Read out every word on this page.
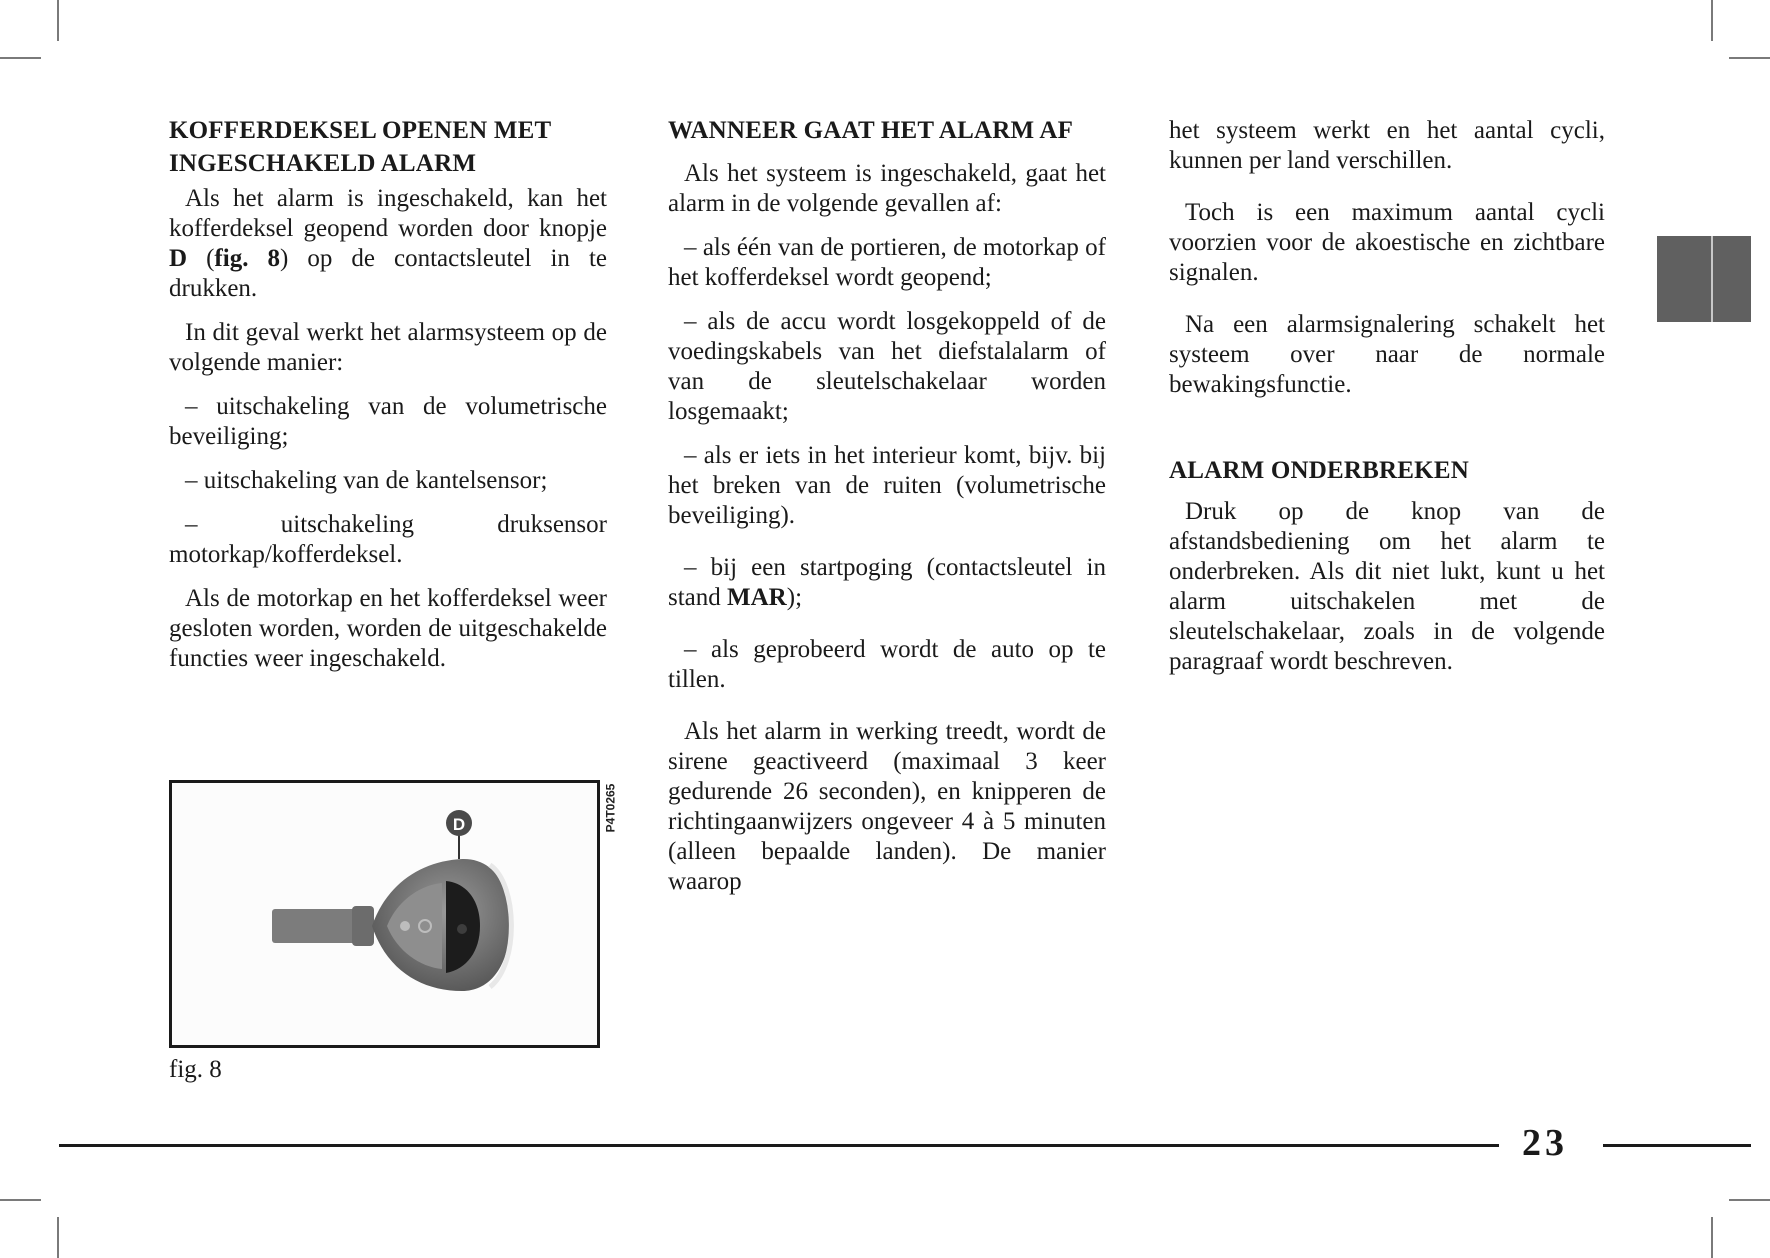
KOFFERDEKSEL OPENEN MET INGESCHAKELD ALARM

Als het alarm is ingeschakeld, kan het kofferdeksel geopend worden door knopje D (fig. 8) op de contactsleutel in te drukken.

In dit geval werkt het alarmsysteem op de volgende manier:

– uitschakeling van de volumetrische beveiliging;

– uitschakeling van de kantelsensor;

– uitschakeling druksensor motorkap/kofferdeksel.

Als de motorkap en het kofferdeksel weer gesloten worden, worden de uitgeschakelde functies weer ingeschakeld.

D	P4T0265
fig. 8
WANNEER GAAT HET ALARM AF

Als het systeem is ingeschakeld, gaat het alarm in de volgende gevallen af:

– als één van de portieren, de motorkap of het kofferdeksel wordt geopend;

– als de accu wordt losgekoppeld of de voedingskabels van het diefstalalarm of van de sleutelschakelaar worden losgemaakt;

– als er iets in het interieur komt, bijv. bij het breken van de ruiten (volumetrische beveiliging).

– bij een startpoging (contactsleutel in stand MAR);

– als geprobeerd wordt de auto op te tillen.

Als het alarm in werking treedt, wordt de sirene geactiveerd (maximaal 3 keer gedurende 26 seconden), en knipperen de richtingaanwijzers ongeveer 4 à 5 minuten (alleen bepaalde landen). De manier waarop

het systeem werkt en het aantal cycli, kunnen per land verschillen.

Toch is een maximum aantal cycli voorzien voor de akoestische en zichtbare signalen.

Na een alarmsignalering schakelt het systeem over naar de normale bewakingsfunctie.

ALARM ONDERBREKEN

Druk op de knop van de afstandsbediening om het alarm te onderbreken. Als dit niet lukt, kunt u het alarm uitschakelen met de sleutelschakelaar, zoals in de volgende paragraaf wordt beschreven.

23
